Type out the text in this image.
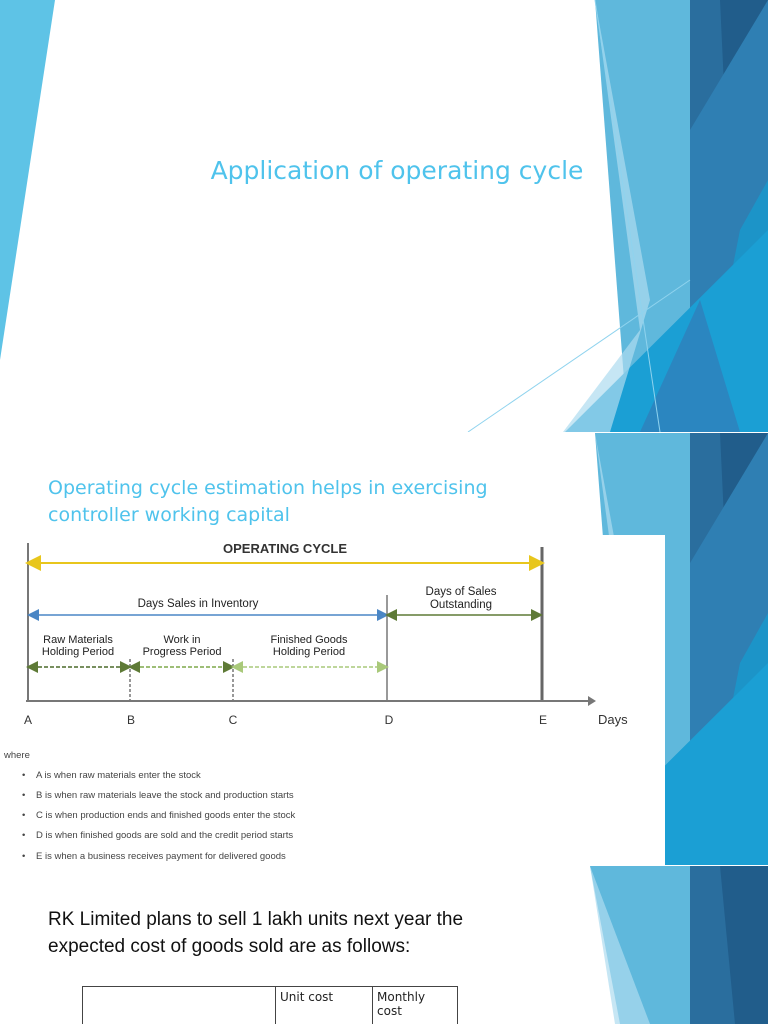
Application of operating cycle
Operating cycle estimation helps in exercising controller working capital
OPERATING CYCLE
Days Sales in Inventory
Days of Sales
Outstanding
Raw Materials
Holding Period
Work in
Progress Period
Finished Goods
Holding Period
A	B	C	D	E	Days
where
• A is when raw materials enter the stock
• B is when raw materials leave the stock and production starts
• C is when production ends and finished goods enter the stock
• D is when finished goods are sold and the credit period starts
• E is when a business receives payment for delivered goods
RK Limited plans to sell 1 lakh units next year the expected cost of goods sold are as follows:
	Unit cost	Monthly cost
